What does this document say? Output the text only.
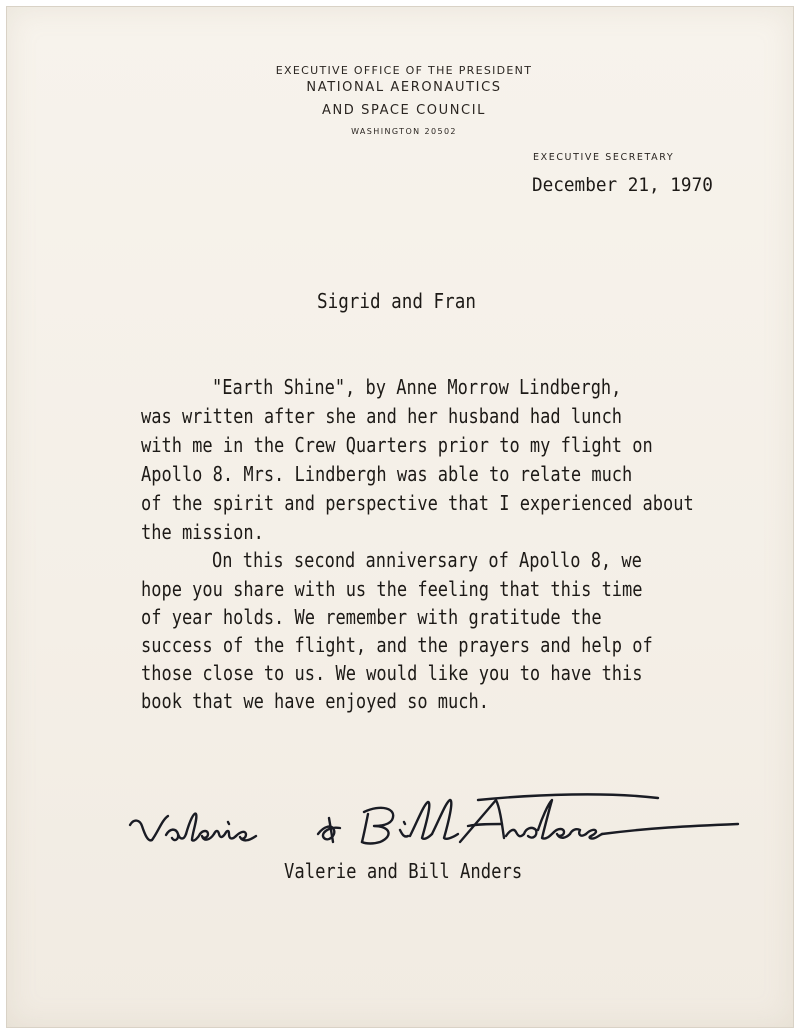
EXECUTIVE OFFICE OF THE PRESIDENT
NATIONAL AERONAUTICS
AND SPACE COUNCIL
WASHINGTON 20502
EXECUTIVE SECRETARY
December 21, 1970
Sigrid and Fran
"Earth Shine", by Anne Morrow Lindbergh,
was written after she and her husband had lunch
with me in the Crew Quarters prior to my flight on
Apollo 8. Mrs. Lindbergh was able to relate much
of the spirit and perspective that I experienced about
the mission.
On this second anniversary of Apollo 8, we
hope you share with us the feeling that this time
of year holds. We remember with gratitude the
success of the flight, and the prayers and help of
those close to us. We would like you to have this
book that we have enjoyed so much.
Valerie and Bill Anders
